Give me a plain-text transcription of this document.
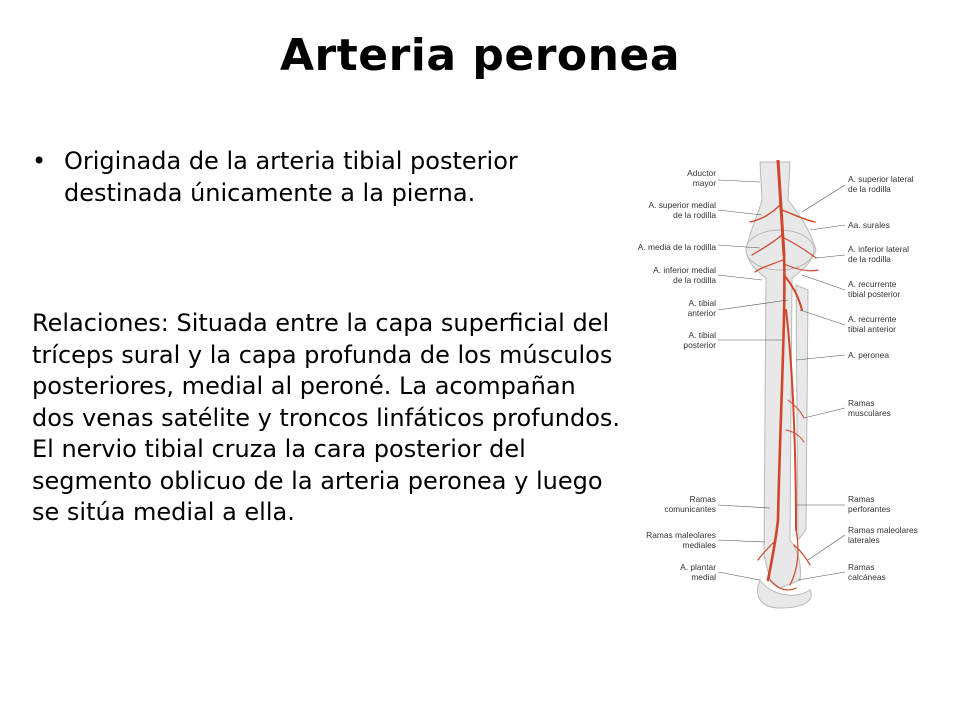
Arteria peronea
• Originada de la arteria tibial posterior destinada únicamente a la pierna.
Relaciones: Situada entre la capa superficial del tríceps sural y la capa profunda de los músculos posteriores, medial al peroné. La acompañan dos venas satélite y troncos linfáticos profundos. El nervio tibial cruza la cara posterior del segmento oblicuo de la arteria peronea y luego se sitúa medial a ella.
Aductor
mayor
A. superior medial
de la rodilla
A. media de la rodilla
A. inferior medial
de la rodilla
A. tibial
anterior
A. tibial
posterior
Ramas
comunicantes
Ramas maleolares
mediales
A. plantar
medial
A. superior lateral
de la rodilla
Aa. surales
A. inferior lateral
de la rodilla
A. recurrente
tibial posterior
A. recurrente
tibial anterior
A. peronea
Ramas
musculares
Ramas
perforantes
Ramas maleolares
laterales
Ramas
calcáneas
